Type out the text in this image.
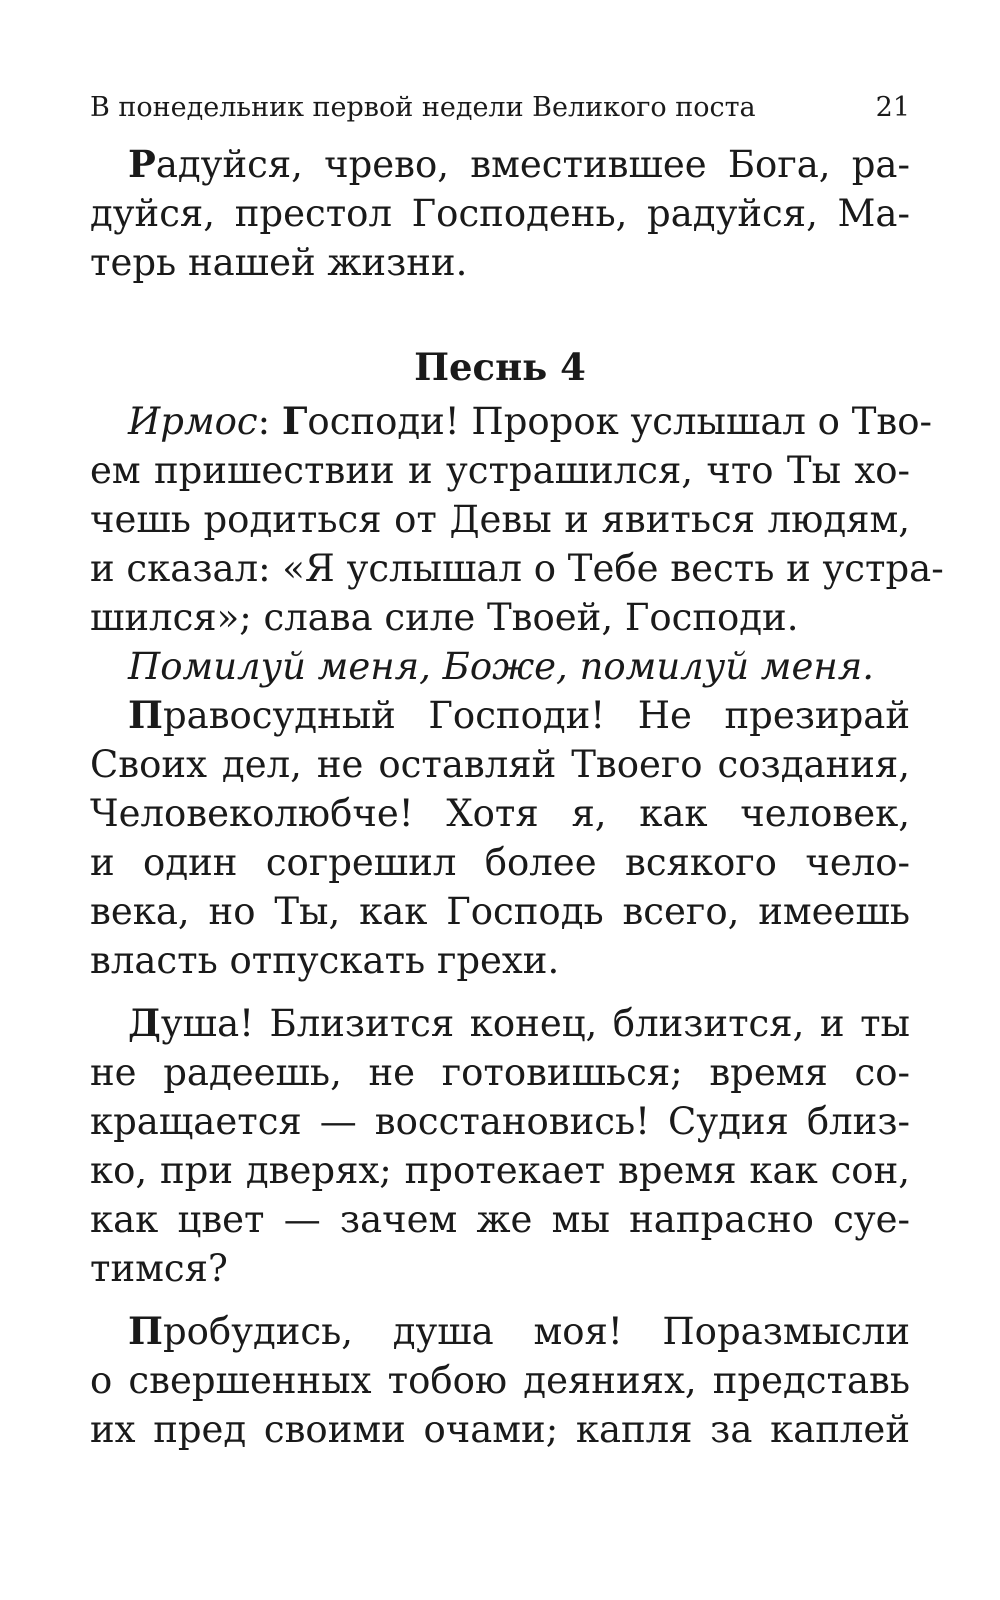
В понедельник первой недели Великого поста	21
Радуйся, чрево, вместившее Бога, ра-
дуйся, престол Господень, радуйся, Ма-
терь нашей жизни.
Песнь 4
Ирмос: Господи! Пророк услышал о Тво-
ем пришествии и устрашился, что Ты хо-
чешь родиться от Девы и явиться людям,
и сказал: «Я услышал о Тебе весть и устра-
шился»; слава силе Твоей, Господи.
Помилуй меня, Боже, помилуй меня.
Правосудный Господи! Не презирай
Своих дел, не оставляй Твоего создания,
Человеколюбче! Хотя я, как человек,
и один согрешил более всякого чело-
века, но Ты, как Господь всего, имеешь
власть отпускать грехи.
Душа! Близится конец, близится, и ты
не радеешь, не готовишься; время со-
кращается — восстановись! Судия близ-
ко, при дверях; протекает время как сон,
как цвет — зачем же мы напрасно суе-
тимся?
Пробудись, душа моя! Поразмысли
о свершенных тобою деяниях, представь
их пред своими очами; капля за каплей
